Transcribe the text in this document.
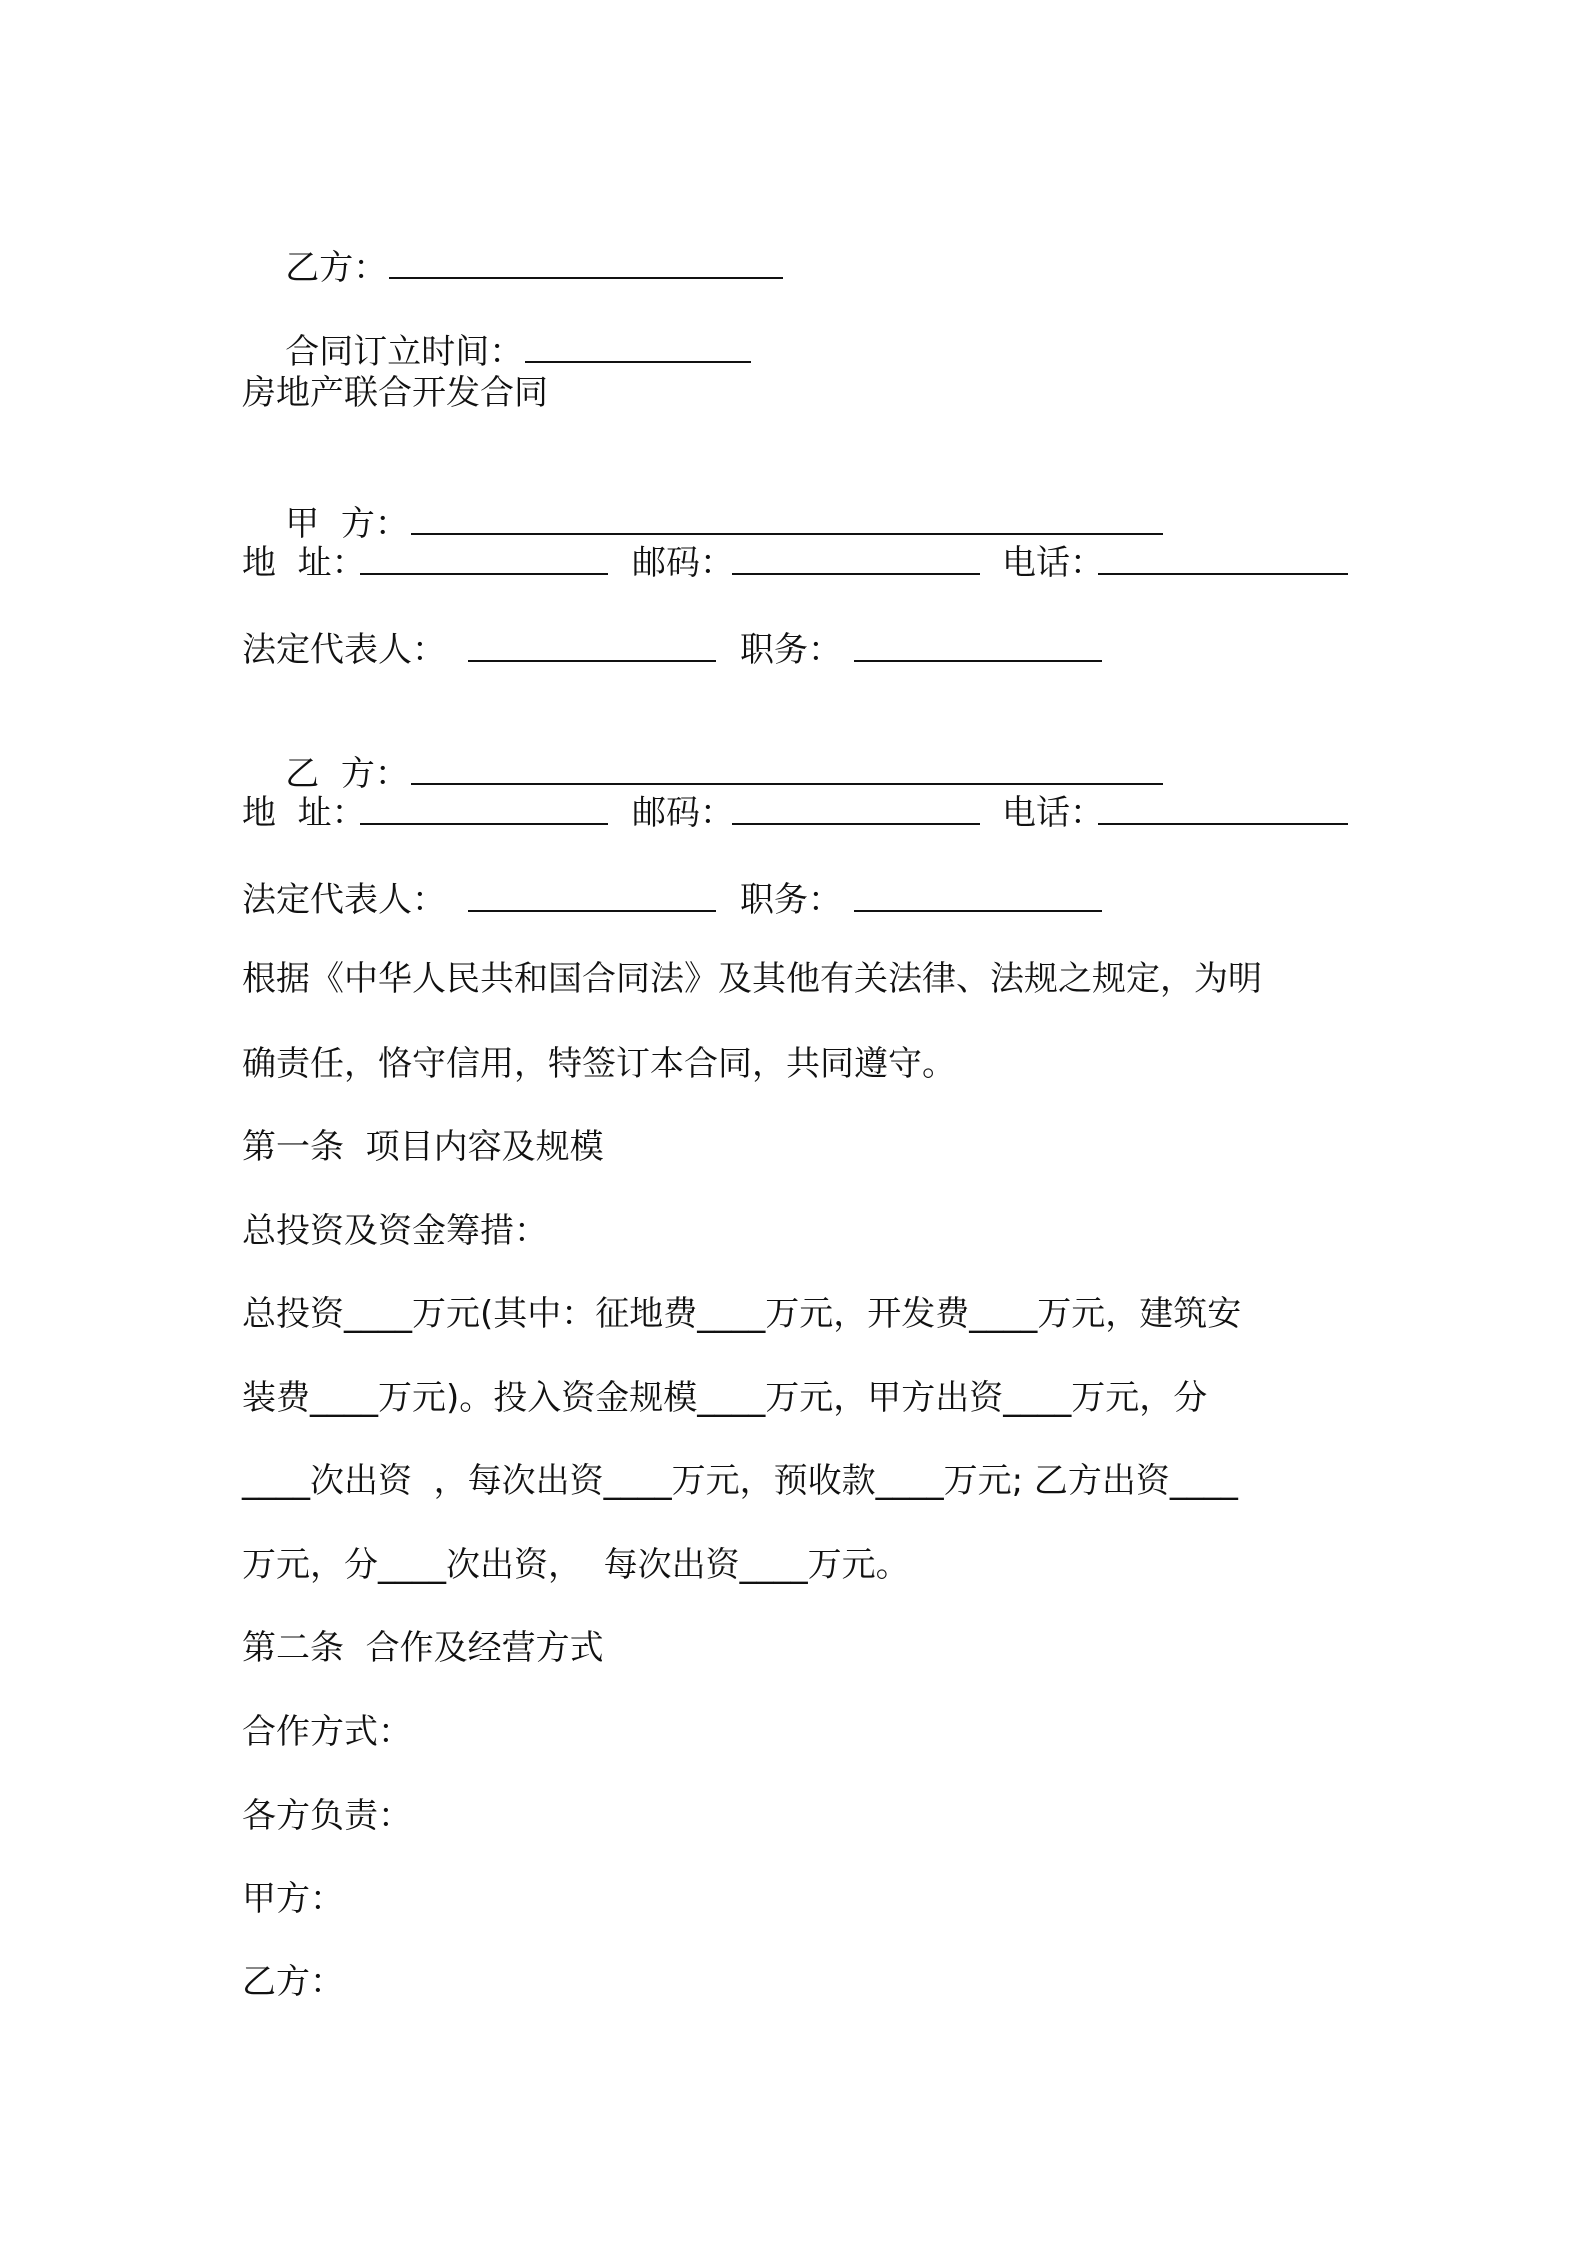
乙方：

合同订立时间：

房地产联合开发合同

甲  方：

地  址：	邮码：	电话：
法定代表人：	职务：

乙  方：

地  址：	邮码：	电话：
法定代表人：	职务：
根据《中华人民共和国合同法》及其他有关法律、法规之规定，为明
确责任，恪守信用，特签订本合同，共同遵守。
第一条  项目内容及规模
总投资及资金筹措：
总投资____万元(其中：征地费____万元，开发费____万元，建筑安
装费____万元)。投入资金规模____万元，甲方出资____万元，分
____次出资  ，每次出资____万元，预收款____万元; 乙方出资____
万元，分____次出资，  每次出资____万元。
第二条  合作及经营方式
合作方式：
各方负责：
甲方：
乙方：
